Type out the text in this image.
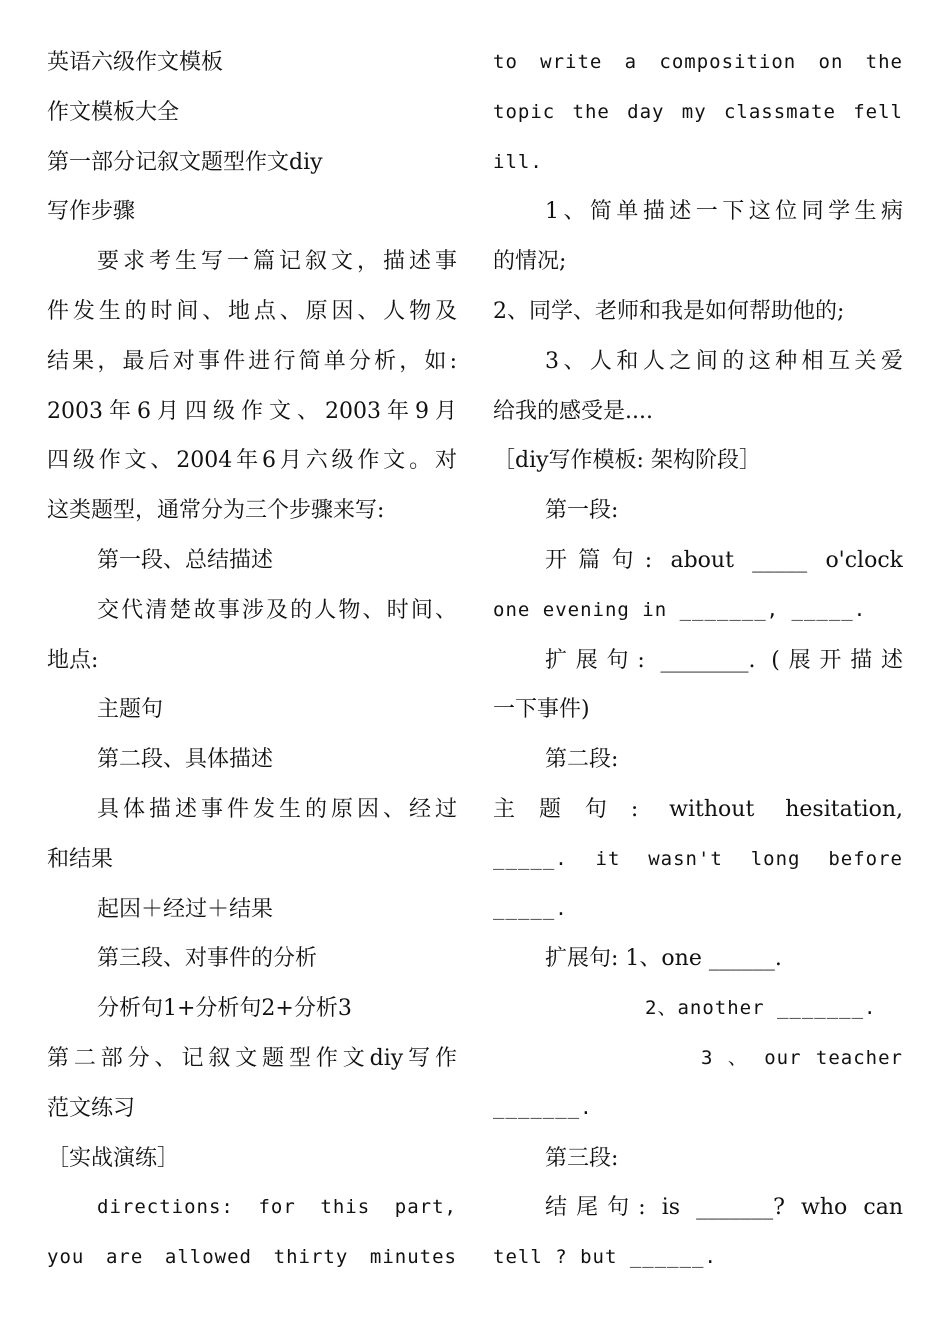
英语六级作文模板
作文模板大全
第一部分记叙文题型作文diy
写作步骤
要求考生写一篇记叙文，描述事
件发生的时间、地点、原因、人物及
结果，最后对事件进行简单分析，如:
2003年6月四级作文、2003年9月
四级作文、2004年6月六级作文。对
这类题型，通常分为三个步骤来写:
第一段、总结描述
交代清楚故事涉及的人物、时间、
地点:
主题句
第二段、具体描述
具体描述事件发生的原因、经过
和结果
起因＋经过＋结果
第三段、对事件的分析
分析句1+分析句2+分析3
第二部分、记叙文题型作文diy写作
范文练习
［实战演练］
directions: for this part,
you are allowed thirty minutes
to write a composition on the
topic the day my classmate fell
ill.
1、简单描述一下这位同学生病
的情况;
2、同学、老师和我是如何帮助他的;
3、人和人之间的这种相互关爱
给我的感受是....
［diy写作模板: 架构阶段］
第一段:
开篇句: about _____ o'clock
one evening in _______, _____.
扩展句: ________. (展开描述
一下事件)
第二段:
主题句: without hesitation,
_____. it wasn't long before
_____.
扩展句: 1、one ______.
2、another _______.
3 、 our teacher
_______.
第三段:
结尾句: is _______? who can
tell ? but ______.
